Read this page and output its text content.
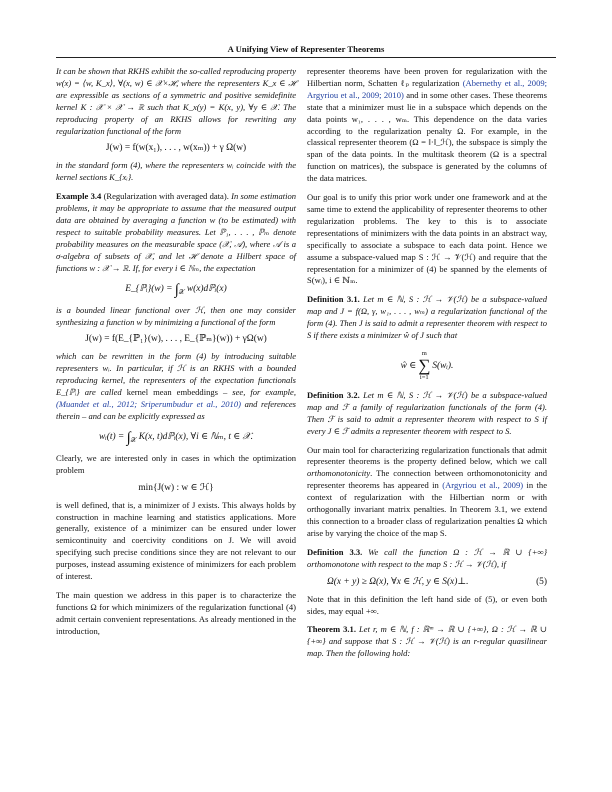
A Unifying View of Representer Theorems

It can be shown that RKHS exhibit the so-called reproducing property w(x) = ⟨w, K_x⟩, ∀(x, w) ∈ 𝒳×ℋ, where the representers K_x ∈ ℋ are expressible as sections of a symmetric and positive semidefinite kernel K : 𝒳 × 𝒳 → ℝ such that K_x(y) = K(x, y), ∀y ∈ 𝒳. The reproducing property of an RKHS allows for rewriting any regularization functional of the form

J(w) = f(w(x₁), . . . , w(xₘ)) + γ Ω(w)

in the standard form (4), where the representers wᵢ coincide with the kernel sections K_{xᵢ}.

Example 3.4 (Regularization with averaged data). In some estimation problems, it may be appropriate to assume that the measured output data are obtained by averaging a function w (to be estimated) with respect to suitable probability measures. Let ℙ₁, . . . , ℙₘ denote probability measures on the measurable space (𝒳, 𝒜), where 𝒜 is a σ-algebra of subsets of 𝒳, and let ℋ denote a Hilbert space of functions w : 𝒳 → ℝ. If, for every i ∈ ℕₘ, the expectation

E_{ℙᵢ}(w) = $\int_𝒳$ w(x)dℙᵢ(x)

is a bounded linear functional over ℋ, then one may consider synthesizing a function w by minimizing a functional of the form

J(w) = f(E_{ℙ₁}(w), . . . , E_{ℙₘ}(w)) + γΩ(w)

which can be rewritten in the form (4) by introducing suitable representers wᵢ. In particular, if ℋ is an RKHS with a bounded reproducing kernel, the representers of the expectation functionals E_{ℙᵢ} are called kernel mean embeddings – see, for example, (Muandet et al., 2012; Sriperumbudur et al., 2010) and references therein – and can be explicitly expressed as

wᵢ(t) = $\int_𝒳$ K(x, t)dℙᵢ(x), ∀i ∈ ℕₘ, t ∈ 𝒳.

Clearly, we are interested only in cases in which the optimization problem

min{J(w) : w ∈ ℋ}

is well defined, that is, a minimizer of J exists. This always holds by construction in machine learning and statistics applications. More generally, existence of a minimizer can be ensured under lower semicontinuity and coercivity conditions on J. We will avoid specifying such precise conditions since they are not relevant to our purposes, instead assuming existence of minimizers for each problem of interest.

The main question we address in this paper is to characterize the functions Ω for which minimizers of the regularization functional (4) admit certain convenient representations. As already mentioned in the introduction,

representer theorems have been proven for regularization with the Hilbertian norm, Schatten ℓₚ regularization (Abernethy et al., 2009; Argyriou et al., 2009; 2010) and in some other cases. These theorems state that a minimizer must lie in a subspace which depends on the data points w₁, . . . , wₘ. This dependence on the data varies according to the regularization penalty Ω. For example, in the classical representer theorem (Ω = ‖·‖_ℋ), the subspace is simply the span of the data points. In the multitask theorem (Ω is a spectral function on matrices), the subspace is generated by the columns of the data matrices.

Our goal is to unify this prior work under one framework and at the same time to extend the applicability of representer theorems to other regularization problems. The key to this is to associate representations of minimizers with the data points in an abstract way, specifically to associate a subspace to each data point. Hence we assume a subspace-valued map S : ℋ → 𝒱(ℋ) and require that the representation for a minimizer of (4) be spanned by the elements of S(wᵢ), i ∈ ℕₘ.

Definition 3.1. Let m ∈ ℕ, S : ℋ → 𝒱(ℋ) be a subspace-valued map and J = f(Ω, γ, w₁, . . . , wₘ) a regularization functional of the form (4). Then J is said to admit a representer theorem with respect to S if there exists a minimizer ŵ of J such that

ŵ ∈m
∑
i=1S(wᵢ).

Definition 3.2. Let m ∈ ℕ, S : ℋ → 𝒱(ℋ) be a subspace-valued map and ℱ a family of regularization functionals of the form (4). Then ℱ is said to admit a representer theorem with respect to S if every J ∈ ℱ admits a representer theorem with respect to S.

Our main tool for characterizing regularization functionals that admit representer theorems is the property defined below, which we call orthomonotonicity. The connection between orthomonotonicity and representer theorems has appeared in (Argyriou et al., 2009) in the context of regularization with the Hilbertian norm or with orthogonally invariant matrix penalties. In Theorem 3.1, we extend this connection to a broader class of regularization penalties Ω which arise by varying the choice of the map S.

Definition 3.3. We call the function Ω : ℋ → ℝ ∪ {+∞} orthomonotone with respect to the map S : ℋ → 𝒱(ℋ), if

Ω(x + y) ≥ Ω(x), ∀x ∈ ℋ, y ∈ S(x)⊥.	(5)

Note that in this definition the left hand side of (5), or even both sides, may equal +∞.

Theorem 3.1. Let r, m ∈ ℕ, f : ℝᵐ → ℝ ∪ {+∞}, Ω : ℋ → ℝ ∪ {+∞} and suppose that S : ℋ → 𝒱(ℋ) is an r-regular quasilinear map. Then the following hold:
